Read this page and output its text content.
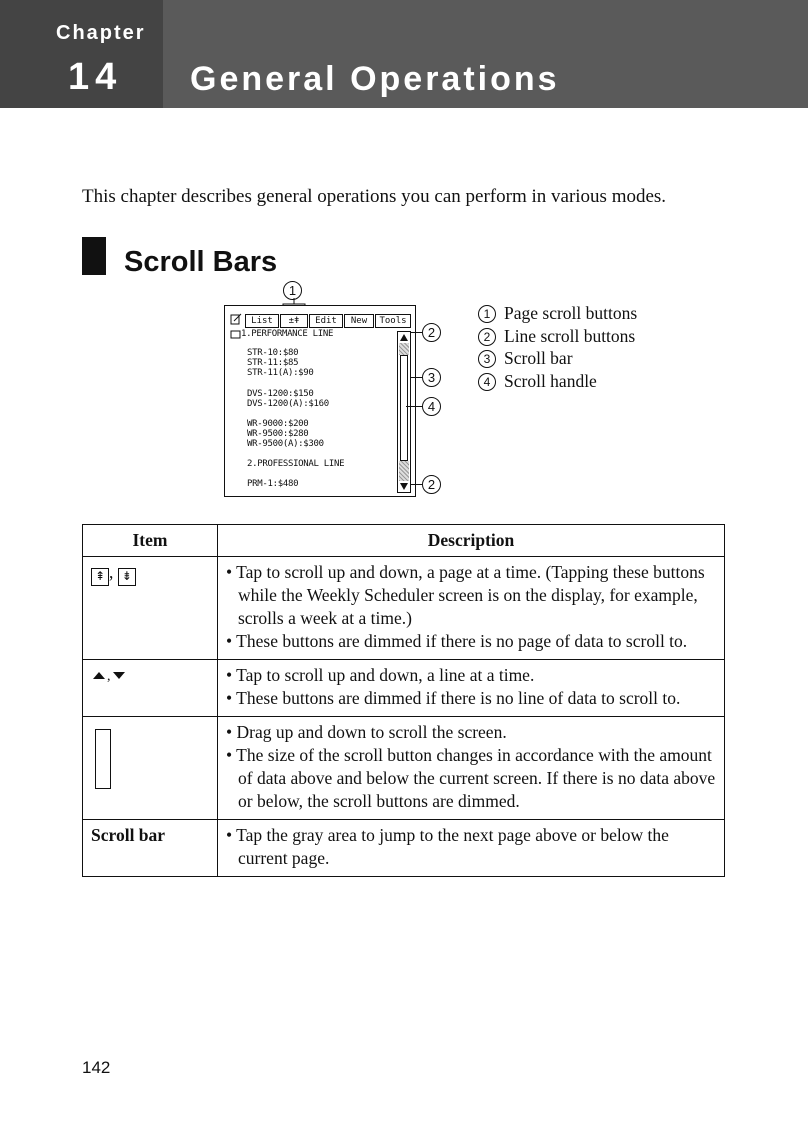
Chapter
14 General Operations
This chapter describes general operations you can perform in various modes.
Scroll Bars
1
List	±ǂ	Edit	New	Tools
1.PERFORMANCE LINE
STR-10:$80
STR-11:$85
STR-11(A):$90
DVS-1200:$150
DVS-1200(A):$160
WR-9000:$200
WR-9500:$280
WR-9500(A):$300
2.PROFESSIONAL LINE
PRM-1:$480
2
3
4
2
1 Page scroll buttons
2 Line scroll buttons
3 Scroll bar
4 Scroll handle
Item	Description
⇞ , ⇟	• Tap to scroll up and down, a page at a time. (Tapping these buttons while the Weekly Scheduler screen is on the display, for example, scrolls a week at a time.)
• These buttons are dimmed if there is no page of data to scroll to.

,	• Tap to scroll up and down, a line at a time.
• These buttons are dimmed if there is no line of data to scroll to.

	• Drag up and down to scroll the screen.
• The size of the scroll button changes in accordance with the amount of data above and below the current screen. If there is no data above or below, the scroll buttons are dimmed.

Scroll bar	• Tap the gray area to jump to the next page above or below the current page.
142
